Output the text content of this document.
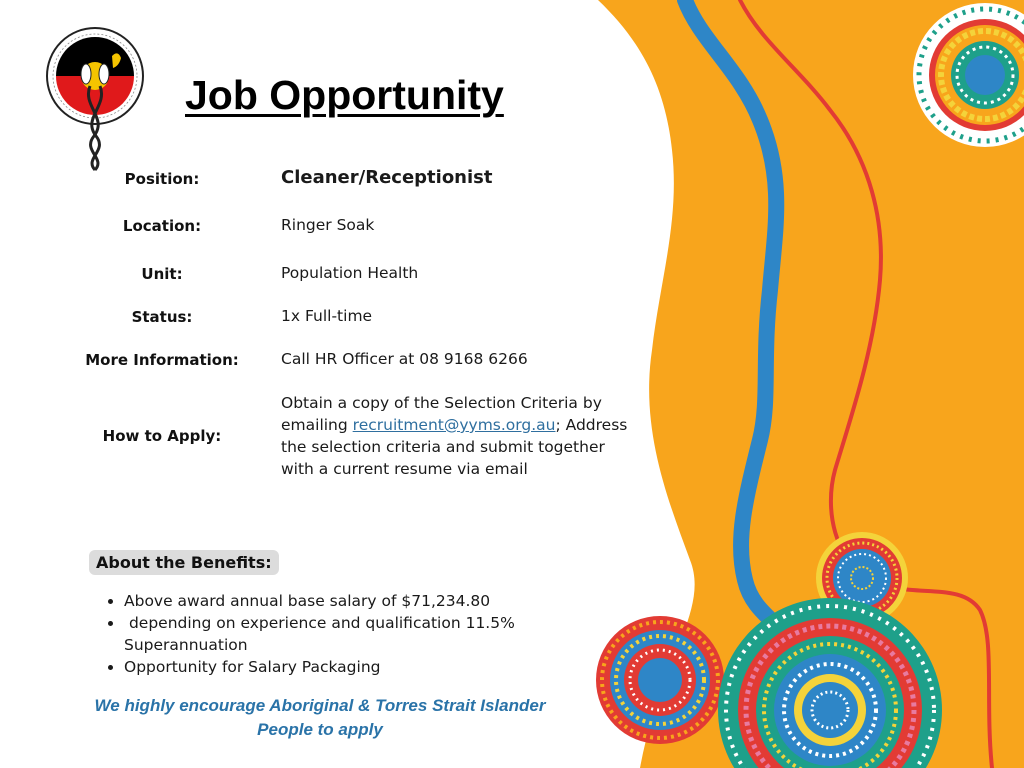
Job Opportunity
Position:	Cleaner/Receptionist
Location:	Ringer Soak
Unit:	Population Health
Status:	1x Full-time
More Information:	Call HR Officer at 08 9168 6266
How to Apply:
Obtain a copy of the Selection Criteria by emailing recruitment@yyms.org.au; Address the selection criteria and submit together with a current resume via email
About the Benefits:
• Above award annual base salary of $71,234.80
•  depending on experience and qualification 11.5% Superannuation
• Opportunity for Salary Packaging
We highly encourage Aboriginal & Torres Strait Islander
People to apply
